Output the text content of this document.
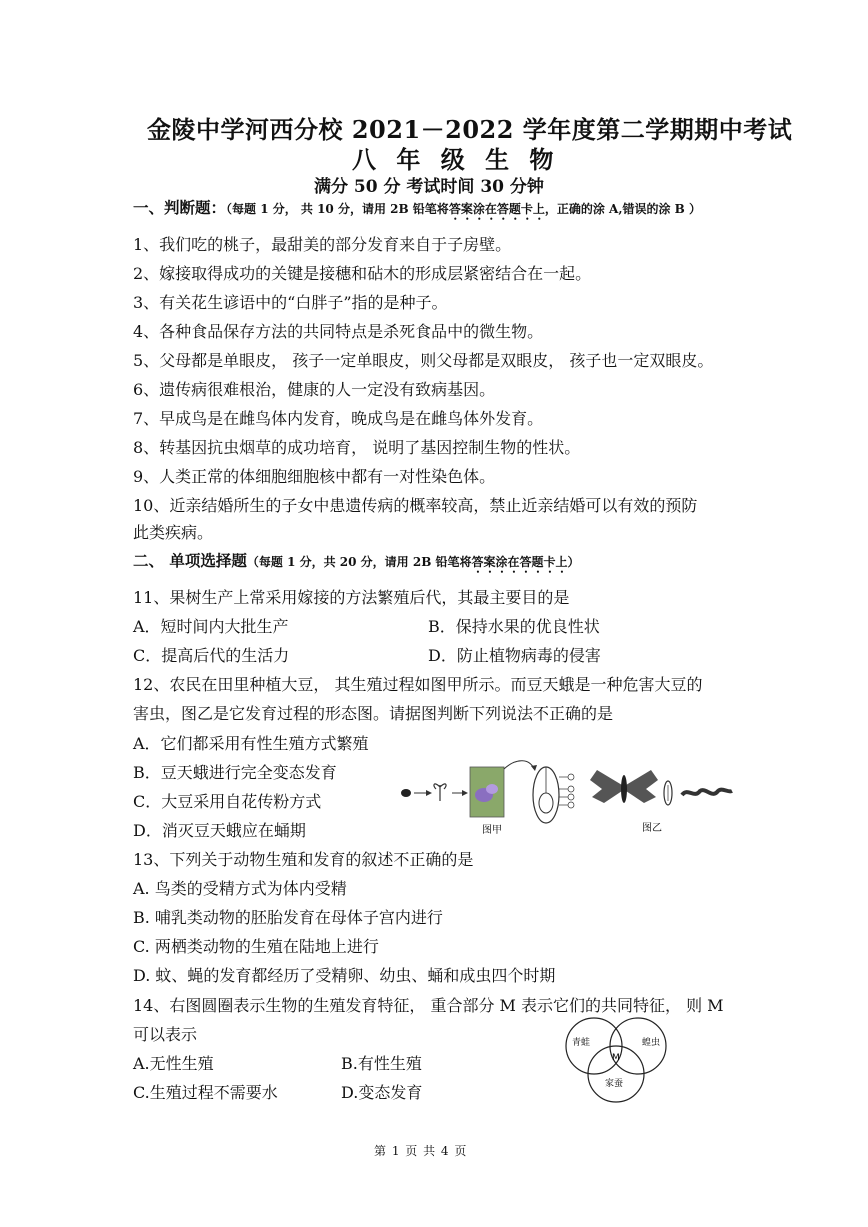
金陵中学河西分校 2021－2022 学年度第二学期期中考试
八 年 级 生 物
满分 50 分 考试时间 30 分钟
一、判断题：（每题 1 分， 共 10 分，请用 2B 铅笔将答案涂在答题卡上，正确的涂 A,错误的涂 B ）
1、我们吃的桃子，最甜美的部分发育来自于子房壁。
2、嫁接取得成功的关键是接穗和砧木的形成层紧密结合在一起。
3、有关花生谚语中的“白胖子”指的是种子。
4、各种食品保存方法的共同特点是杀死食品中的微生物。
5、父母都是单眼皮， 孩子一定单眼皮，则父母都是双眼皮， 孩子也一定双眼皮。
6、遗传病很难根治，健康的人一定没有致病基因。
7、早成鸟是在雌鸟体内发育，晚成鸟是在雌鸟体外发育。
8、转基因抗虫烟草的成功培育， 说明了基因控制生物的性状。
9、人类正常的体细胞细胞核中都有一对性染色体。
10、近亲结婚所生的子女中患遗传病的概率较高，禁止近亲结婚可以有效的预防
此类疾病。
二、 单项选择题（每题 1 分，共 20 分，请用 2B 铅笔将答案涂在答题卡上）
11、果树生产上常采用嫁接的方法繁殖后代，其最主要目的是
A．短时间内大批生产	B．保持水果的优良性状
C．提高后代的生活力	D．防止植物病毒的侵害
12、农民在田里种植大豆， 其生殖过程如图甲所示。而豆天蛾是一种危害大豆的
害虫，图乙是它发育过程的形态图。请据图判断下列说法不正确的是
A．它们都采用有性生殖方式繁殖
B．豆天蛾进行完全变态发育
C．大豆采用自花传粉方式
D．消灭豆天蛾应在蛹期	图甲	图乙
13、下列关于动物生殖和发育的叙述不正确的是
A. 鸟类的受精方式为体内受精
B. 哺乳类动物的胚胎发育在母体子宫内进行
C. 两栖类动物的生殖在陆地上进行
D. 蚊、蝇的发育都经历了受精卵、幼虫、蛹和成虫四个时期
14、右图圆圈表示生物的生殖发育特征， 重合部分 M 表示它们的共同特征， 则 M
可以表示
A.无性生殖	B.有性生殖
C.生殖过程不需要水	D.变态发育
青蛙	蝗虫
M
家蚕
第 1 页 共 4 页
